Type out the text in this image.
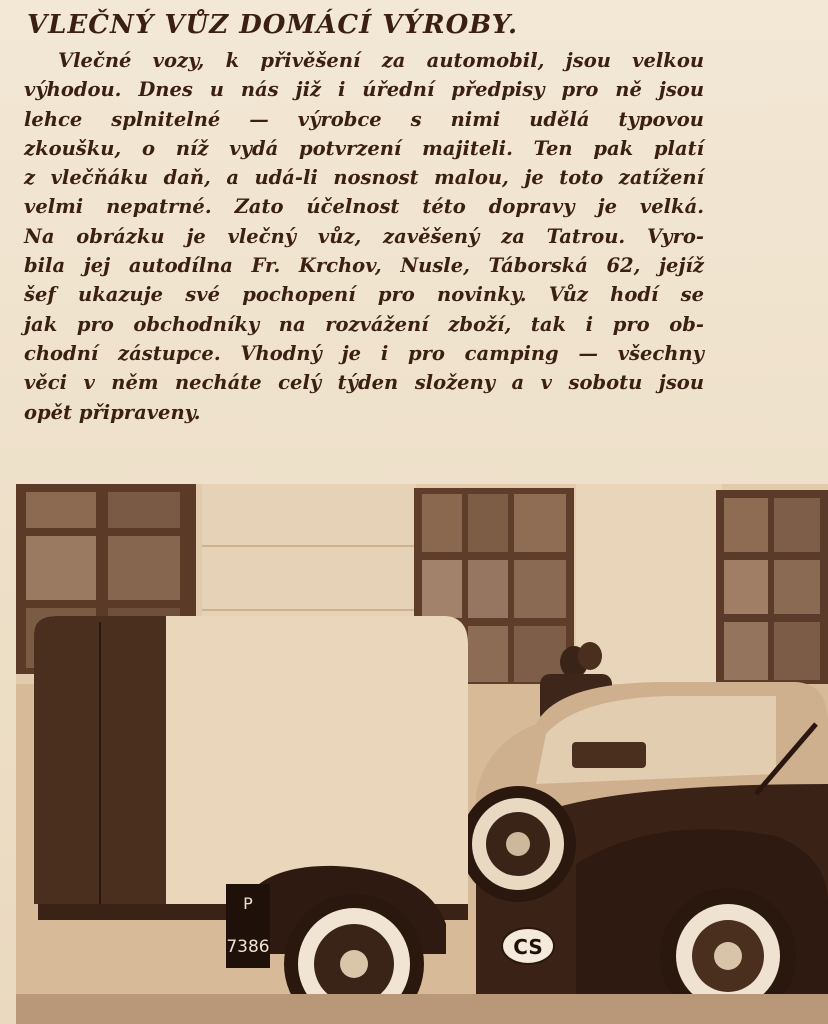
VLEČNÝ VŮZ DOMÁCÍ VÝROBY.
Vlečné vozy, k přivěšení za automobil, jsou velkou
výhodou. Dnes u nás již i úřední předpisy pro ně jsou
lehce splnitelné — výrobce s nimi udělá typovou
zkoušku, o níž vydá potvrzení majiteli. Ten pak platí
z vlečňáku daň, a udá-li nosnost malou, je toto zatížení
velmi nepatrné. Zato účelnost této dopravy je velká.
Na obrázku je vlečný vůz, zavěšený za Tatrou. Vyro-
bila jej autodílna Fr. Krchov, Nusle, Táborská 62, jejíž
šef ukazuje své pochopení pro novinky. Vůz hodí se
jak pro obchodníky na rozvážení zboží, tak i pro ob-
chodní zástupce. Vhodný je i pro camping — všechny
věci v něm necháte celý týden složeny a v sobotu jsou
opět připraveny.
P
7386	CS
